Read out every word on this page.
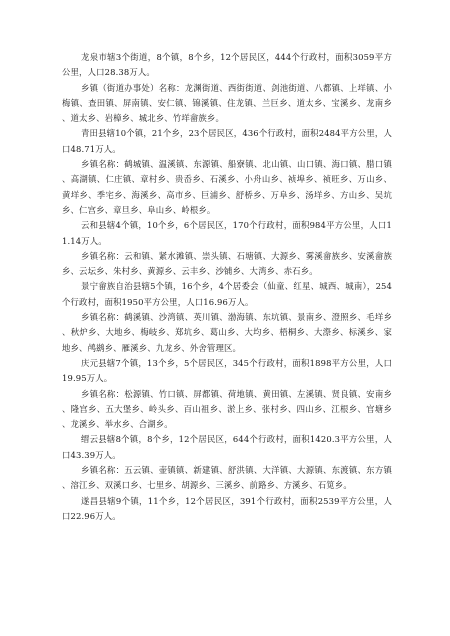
龙泉市辖3个街道，8个镇，8个乡，12个居民区，444个行政村，面积3059平方公里，人口28.38万人。

乡镇（街道办事处）名称：龙渊街道、西街街道、剑池街道、八都镇、上垟镇、小梅镇、查田镇、屏南镇、安仁镇、锦溪镇、住龙镇、兰巨乡、道太乡、宝溪乡、龙南乡、道太乡、岩樟乡、城北乡、竹垟畲族乡。

青田县辖10个镇，21个乡，23个居民区，436个行政村，面积2484平方公里，人口48.71万人。

乡镇名称：鹤城镇、温溪镇、东源镇、船寮镇、北山镇、山口镇、海口镇、腊口镇、高湖镇、仁庄镇、章村乡、贵岙乡、石溪乡、小舟山乡、祯埠乡、祯旺乡、万山乡、黄垟乡、季宅乡、海溪乡、高市乡、巨浦乡、舒桥乡、万阜乡、汤垟乡、方山乡、吴坑乡、仁宫乡、章旦乡、阜山乡、岭根乡。

云和县辖4个镇，10个乡，6个居民区，170个行政村，面积984平方公里，人口11.14万人。

乡镇名称：云和镇、紧水滩镇、崇头镇、石塘镇、大源乡、雾溪畲族乡、安溪畲族乡、云坛乡、朱村乡、黄源乡、云丰乡、沙铺乡、大湾乡、赤石乡。

景宁畲族自治县辖5个镇，16个乡，4个居委会（仙童、红星、城西、城南），254个行政村，面积1950平方公里，人口16.96万人。

乡镇名称：鹤溪镇、沙湾镇、英川镇、渤海镇、东坑镇、景南乡、澄照乡、毛垟乡、秋炉乡、大地乡、梅岐乡、郑坑乡、葛山乡、大均乡、梧桐乡、大漈乡、标溪乡、家地乡、鸬鹚乡、雁溪乡、九龙乡、外舍管理区。

庆元县辖7个镇，13个乡，5个居民区，345个行政村，面积1898平方公里，人口19.95万人。

乡镇名称：松源镇、竹口镇、屏都镇、荷地镇、黄田镇、左溪镇、贤良镇、安南乡、隆宫乡、五大堡乡、岭头乡、百山祖乡、淤上乡、张村乡、四山乡、江根乡、官塘乡、龙溪乡、举水乡、合湖乡。

缙云县辖8个镇，8个乡，12个居民区，644个行政村，面积1420.3平方公里，人口43.39万人。

乡镇名称：五云镇、壶镇镇、新建镇、舒洪镇、大洋镇、大源镇、东渡镇、东方镇、溶江乡、双溪口乡、七里乡、胡源乡、三溪乡、前路乡、方溪乡、石笕乡。

遂昌县辖9个镇，11个乡，12个居民区，391个行政村，面积2539平方公里，人口22.96万人。
